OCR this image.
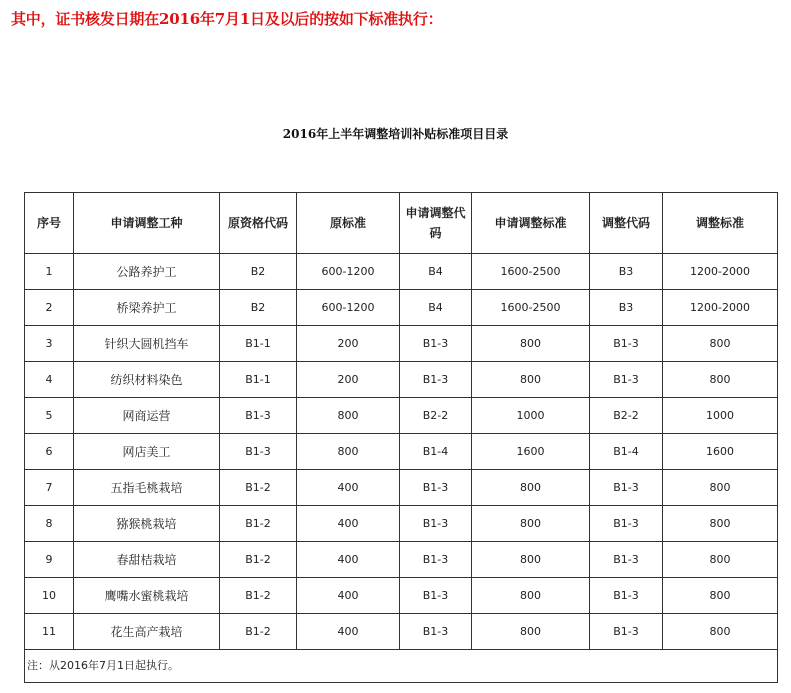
其中，证书核发日期在2016年7月1日及以后的按如下标准执行：
2016年上半年调整培训补贴标准项目目录
序号	申请调整工种	原资格代码	原标准	申请调整代码	申请调整标准	调整代码	调整标准
1	公路养护工	B2	600-1200	B4	1600-2500	B3	1200-2000
2	桥梁养护工	B2	600-1200	B4	1600-2500	B3	1200-2000
3	针织大圆机挡车	B1-1	200	B1-3	800	B1-3	800
4	纺织材料染色	B1-1	200	B1-3	800	B1-3	800
5	网商运营	B1-3	800	B2-2	1000	B2-2	1000
6	网店美工	B1-3	800	B1-4	1600	B1-4	1600
7	五指毛桃栽培	B1-2	400	B1-3	800	B1-3	800
8	猕猴桃栽培	B1-2	400	B1-3	800	B1-3	800
9	春甜桔栽培	B1-2	400	B1-3	800	B1-3	800
10	鹰嘴水蜜桃栽培	B1-2	400	B1-3	800	B1-3	800
11	花生高产栽培	B1-2	400	B1-3	800	B1-3	800
注：从2016年7月1日起执行。							
